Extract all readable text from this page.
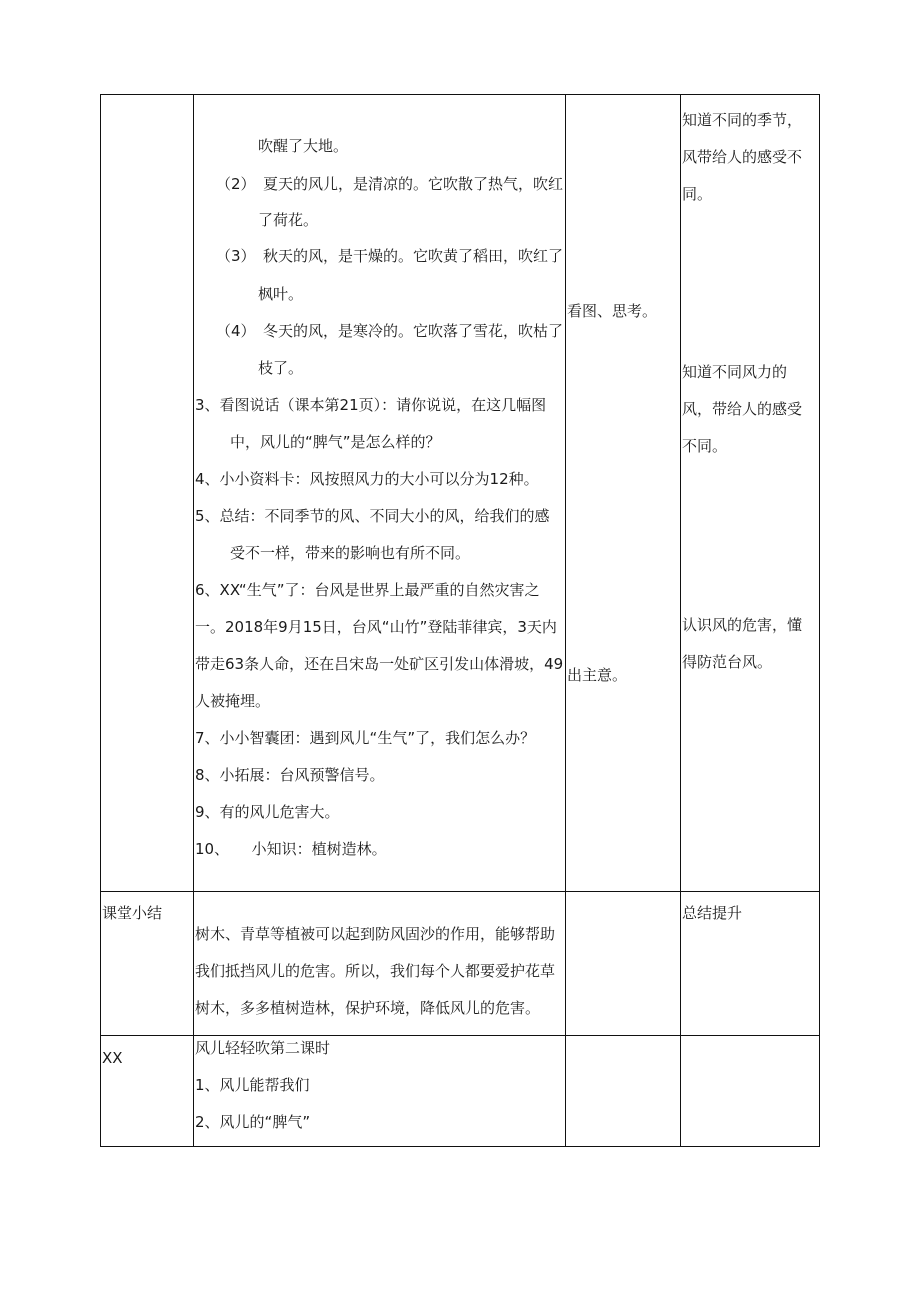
吹醒了大地。
（2）　夏天的风儿，是清凉的。它吹散了热气，吹红
了荷花。
（3）　秋天的风，是干燥的。它吹黄了稻田，吹红了
枫叶。
（4）　冬天的风，是寒冷的。它吹落了雪花，吹枯了
枝了。
3、看图说话（课本第21页）：请你说说，在这几幅图
中，风儿的“脾气”是怎么样的？
4、小小资料卡：风按照风力的大小可以分为12种。
5、总结：不同季节的风、不同大小的风，给我们的感
受不一样，带来的影响也有所不同。
6、XX“生气”了：台风是世界上最严重的自然灾害之
一。2018年9月15日，台风“山竹”登陆菲律宾，3天内
带走63条人命，还在吕宋岛一处矿区引发山体滑坡，49
人被掩埋。
7、小小智囊团：遇到风儿“生气”了，我们怎么办？
8、小拓展：台风预警信号。
9、有的风儿危害大。
10、　　小知识：植树造林。
看图、思考。
出主意。
知道不同的季节，
风带给人的感受不
同。
知道不同风力的
风，带给人的感受
不同。
认识风的危害，懂
得防范台风。
课堂小结
树木、青草等植被可以起到防风固沙的作用，能够帮助
我们抵挡风儿的危害。所以，我们每个人都要爱护花草
树木，多多植树造林，保护环境，降低风儿的危害。
总结提升
XX
风儿轻轻吹第二课时
1、风儿能帮我们
2、风儿的“脾气”
